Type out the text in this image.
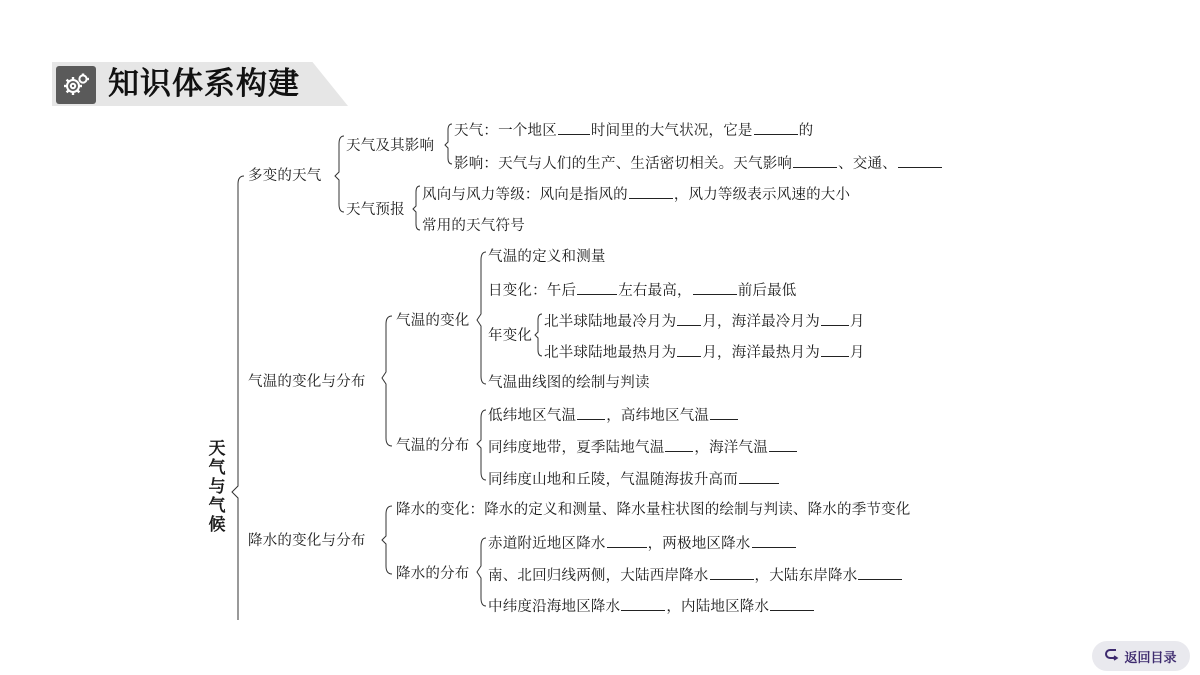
知识体系构建
天
气
与
气
候
多变的天气
天气及其影响
天气：一个地区 时间里的大气状况，它是	的
影响：天气与人们的生产、生活密切相关。天气影响	、交通、
天气预报
风向与风力等级：风向是指风的	，风力等级表示风速的大小
常用的天气符号
气温的变化与分布
气温的变化
气温的定义和测量
日变化：午后	左右最高，	前后最低
年变化
北半球陆地最冷月为 月，海洋最冷月为 月
北半球陆地最热月为 月，海洋最热月为 月
气温曲线图的绘制与判读
气温的分布
低纬地区气温 ，高纬地区气温
同纬度地带，夏季陆地气温 ，海洋气温
同纬度山地和丘陵，气温随海拔升高而
降水的变化与分布
降水的变化：降水的定义和测量、降水量柱状图的绘制与判读、降水的季节变化
降水的分布
赤道附近地区降水	，两极地区降水
南、北回归线两侧，大陆西岸降水	，大陆东岸降水
中纬度沿海地区降水	，内陆地区降水
返回目录
